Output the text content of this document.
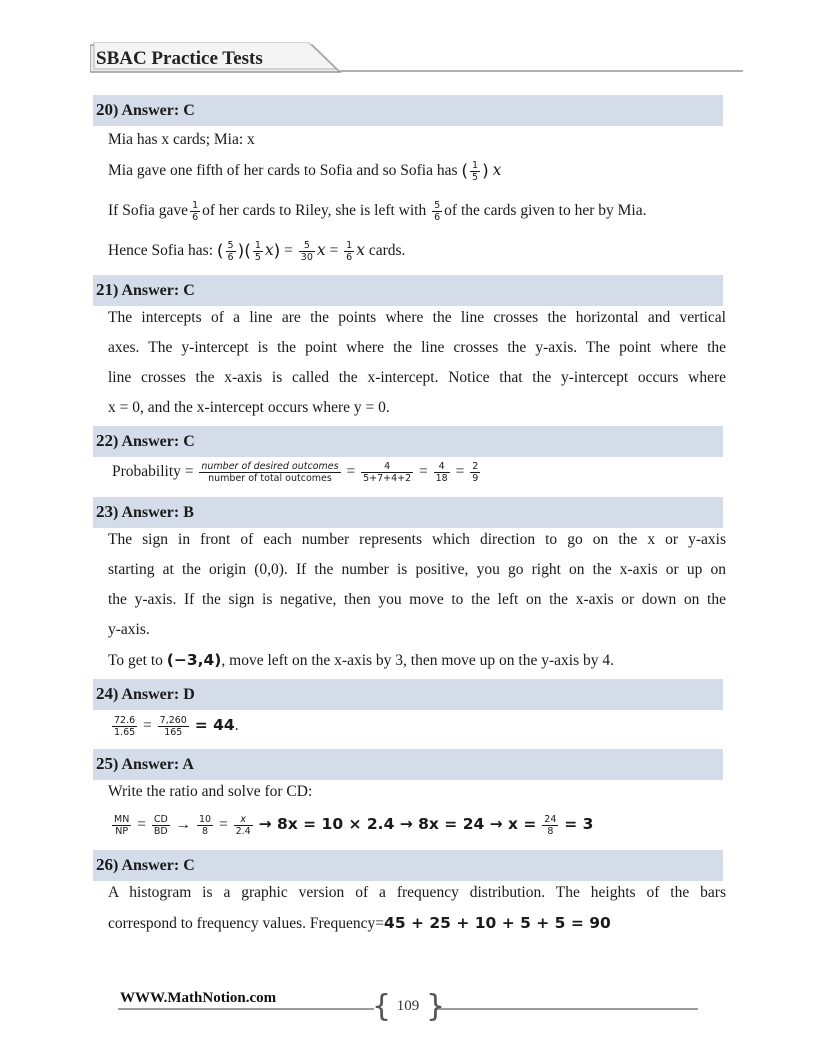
SBAC Practice Tests
20) Answer: C
Mia has x cards; Mia: x
Mia gave one fifth of her cards to Sofia and so Sofia has ( $\frac{1}{5}$ ) x
If Sofia gave $\frac{1}{6}$ of her cards to Riley, she is left with $\frac{5}{6}$ of the cards given to her by Mia.
Hence Sofia has: ( $\frac{5}{6}$ )( $\frac{1}{5} x) = \frac{5}{30}$ $x = \frac{1}{6}$ x cards.
21) Answer: C
The intercepts of a line are the points where the line crosses the horizontal and vertical
axes. The y-intercept is the point where the line crosses the y-axis. The point where the
line crosses the x-axis is called the x-intercept. Notice that the y-intercept occurs where
x = 0, and the x-intercept occurs where y = 0.
22) Answer: C
Probability = $\frac{\text{number of desired outcomes}}{\text{number of total outcomes}} = \frac{4}{5+7+4+2} = \frac{4}{18} = \frac{2}{9}$
23) Answer: B
The sign in front of each number represents which direction to go on the x or y-axis
starting at the origin (0,0). If the number is positive, you go right on the x-axis or up on
the y-axis. If the sign is negative, then you move to the left on the x-axis or down on the
y-axis.
To get to (−3,4), move left on the x-axis by 3, then move up on the y-axis by 4.
24) Answer: D
$\frac{72.6}{1.65} = \frac{7,260}{165} = 44$.
25) Answer: A
Write the ratio and solve for CD:
$\frac{MN}{NP} = \frac{CD}{BD} \to \frac{10}{8} = \frac{x}{2.4} \to 8x = 10 \times 2.4 \to 8x = 24 \to x = \frac{24}{8} = 3$
26) Answer: C
A histogram is a graphic version of a frequency distribution. The heights of the bars
correspond to frequency values. Frequency=45 + 25 + 10 + 5 + 5 = 90
WWW.MathNotion.com	{ }
109
